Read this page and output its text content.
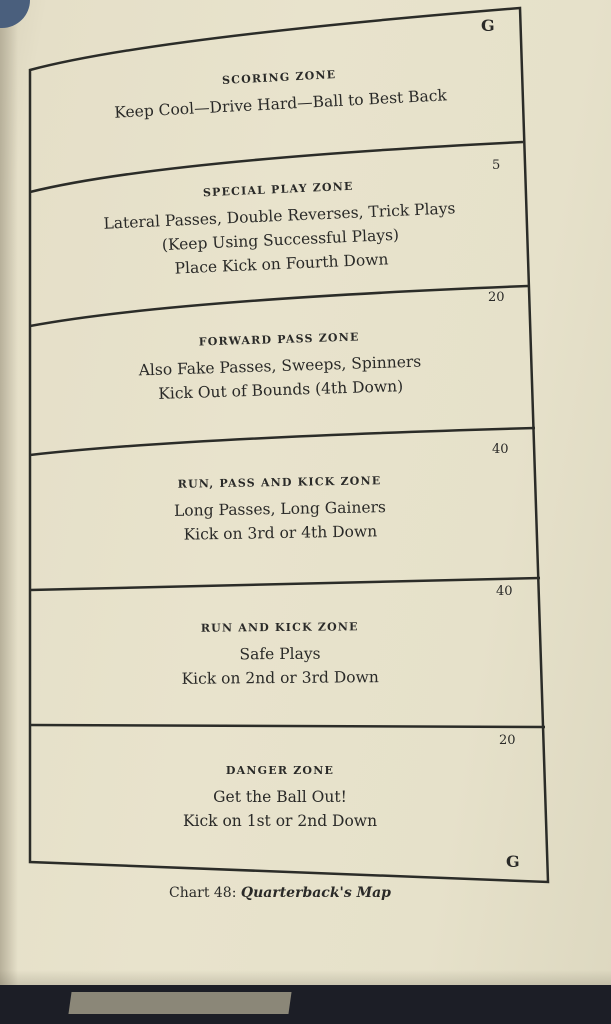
SCORING ZONE
Keep Cool—Drive Hard—Ball to Best Back
SPECIAL PLAY ZONE
Lateral Passes, Double Reverses, Trick Plays
(Keep Using Successful Plays)
Place Kick on Fourth Down
FORWARD PASS ZONE
Also Fake Passes, Sweeps, Spinners
Kick Out of Bounds (4th Down)
RUN, PASS AND KICK ZONE
Long Passes, Long Gainers
Kick on 3rd or 4th Down
RUN AND KICK ZONE
Safe Plays
Kick on 2nd or 3rd Down
DANGER ZONE
Get the Ball Out!
Kick on 1st or 2nd Down
G
5
20
40
40
20
G
Chart 48: Quarterback's Map
